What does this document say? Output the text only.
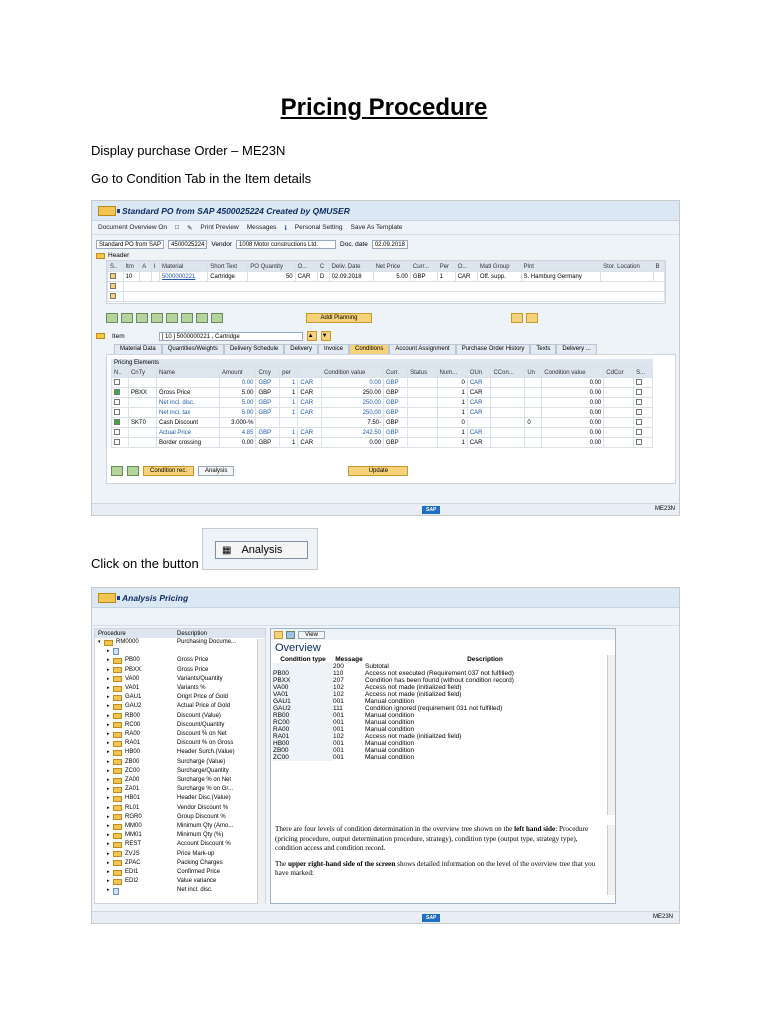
Pricing Procedure
Display purchase Order – ME23N
Go to Condition Tab in the Item details
Standard PO from SAP 4500025224 Created by QMUSER
Document Overview On □ ✎ Print Preview Messages ℹ Personal Setting Save As Template
Standard PO from SAP	4500025224	Vendor	1008 Motor constructions Ltd.	Doc. date	02.09.2018
Header
S..	Itm	A	I	Material	Short Text	PO Quantity	O...	C	Deliv. Date	Net Price	Curr...	Per	O...	Matl Group	Plnt	Stor. Location	B
	10			5000000221	Cartridge	50	CAR	D	02.09.2018	5.00	GBP	1	CAR	Off. supp.	S. Hamburg Germany		

Addl Planning
Item	[ 10 ] 5000000221 , Cartridge	▲	▼
Material Data	Quantities/Weights	Delivery Schedule	Delivery	Invoice	Conditions	Account Assignment	Purchase Order History	Texts	Delivery ...
Pricing Elements
N..	CnTy	Name	Amount	Crcy	per		Condition value	Curr.	Status	Num...	OUn	CCon...	Un	Condition value	CdCur	S...
			0.00	GBP	1	CAR	0.00	GBP		0	CAR			0.00		
	PBXX	Gross Price	5.00	GBP	1	CAR	250.00	GBP		1	CAR			0.00		
		Net incl. disc.	5.00	GBP	1	CAR	250.00	GBP		1	CAR			0.00		
		Net incl. tax	5.00	GBP	1	CAR	250.00	GBP		1	CAR			0.00		
	SKT0	Cash Discount	3.000-%				7.50-	GBP		0			0	0.00		
		Actual Price	4.85	GBP	1	CAR	242.50	GBP		1	CAR			0.00		
		Border crossing	0.00	GBP	1	CAR	0.00	GBP		1	CAR			0.00		
Condition rec.	Analysis	Update
SAP	ME23N
▦ Analysis
Click on the button
Analysis Pricing
Procedure	Description
▾	RM0000	Purchasing Docume...
▸
▸	PB00	Gross Price
▸	PBXX	Gross Price
▸	VA00	Variants/Quantity
▸	VA01	Variants %
▸	GAU1	Origrl Price of Gold
▸	GAU2	Actual Price of Gold
▸	RB00	Discount (Value)
▸	RC00	Discount/Quantity
▸	RA00	Discount % on Net
▸	RA01	Discount % on Gross
▸	HB00	Header Surch.(Value)
▸	ZB00	Surcharge (Value)
▸	ZC00	Surcharge/Quantity
▸	ZA00	Surcharge % on Net
▸	ZA01	Surcharge % on Gr...
▸	HB01	Header Disc.(Value)
▸	RL01	Vendor Discount %
▸	RGR0	Group Discount %
▸	MM00	Minimum Qty (Amo...
▸	MM01	Minimum Qty (%)
▸	REST	Account Discount %
▸	ZVJS	Price Mark-up
▸	ZPAC	Packing Charges
▸	EDI1	Confirmed Price
▸	EDI2	Value variance
▸	Net incl. disc.
View
Overview
Condition type	Message	Description

	200	Subtotal

PB00	110	Access not executed (Requirement 037 not fulfilled)
PBXX	207	Condition has been found (without condition record)
VA00	102	Access not made (initialized field)
VA01	102	Access not made (initialized field)
GAU1	001	Manual condition
GAU2	111	Condition ignored (requirement 031 not fulfilled)
RB00	001	Manual condition
RC00	001	Manual condition
RA00	001	Manual condition
RA01	102	Access not made (initialized field)
HB00	001	Manual condition
ZB00	001	Manual condition
ZC00	001	Manual condition

There are four levels of condition determination in the overview tree shown on the left hand side: Procedure (pricing procedure, output determination procedure, strategy), condition type (output type, strategy type), condition access and condition record.

The upper right-hand side of the screen shows detailed information on the level of the overview tree that you have marked:

SAP	ME23N
